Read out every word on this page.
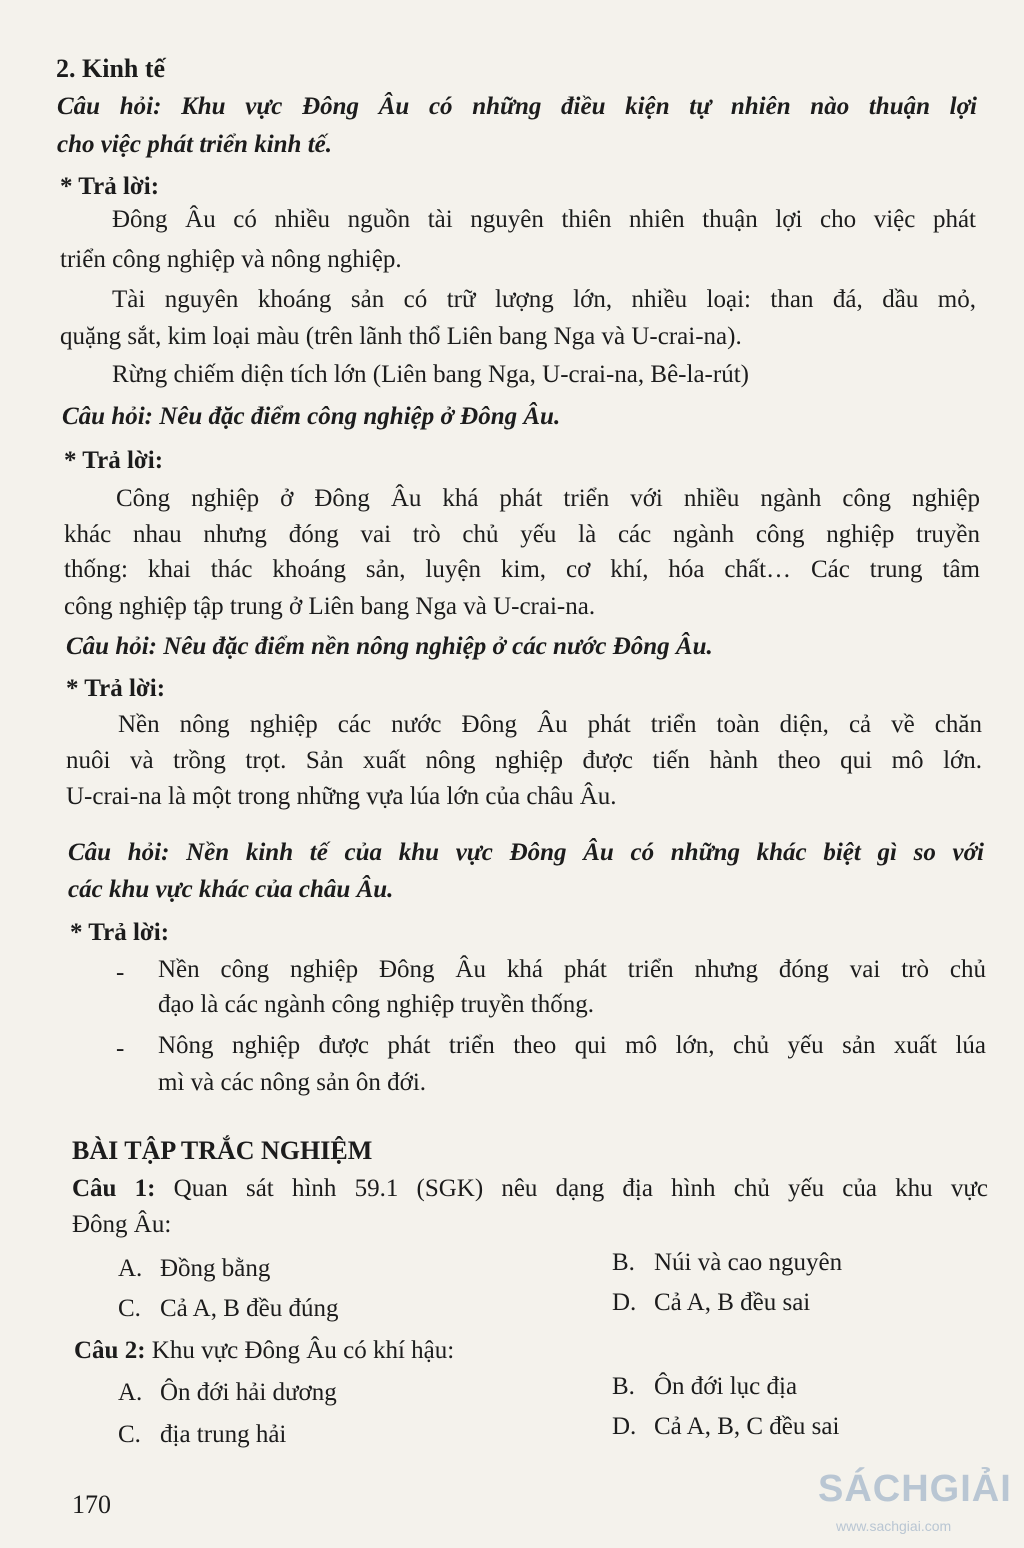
2. Kinh tế
Câu hỏi: Khu vực Đông Âu có những điều kiện tự nhiên nào thuận lợi
cho việc phát triển kinh tế.
* Trả lời:
Đông Âu có nhiều nguồn tài nguyên thiên nhiên thuận lợi cho việc phát
triển công nghiệp và nông nghiệp.
Tài nguyên khoáng sản có trữ lượng lớn, nhiều loại: than đá, dầu mỏ,
quặng sắt, kim loại màu (trên lãnh thổ Liên bang Nga và U-crai-na).
Rừng chiếm diện tích lớn (Liên bang Nga, U-crai-na, Bê-la-rút)
Câu hỏi: Nêu đặc điểm công nghiệp ở Đông Âu.
* Trả lời:
Công nghiệp ở Đông Âu khá phát triển với nhiều ngành công nghiệp
khác nhau nhưng đóng vai trò chủ yếu là các ngành công nghiệp truyền
thống: khai thác khoáng sản, luyện kim, cơ khí, hóa chất… Các trung tâm
công nghiệp tập trung ở Liên bang Nga và U-crai-na.
Câu hỏi: Nêu đặc điểm nền nông nghiệp ở các nước Đông Âu.
* Trả lời:
Nền nông nghiệp các nước Đông Âu phát triển toàn diện, cả về chăn
nuôi và trồng trọt. Sản xuất nông nghiệp được tiến hành theo qui mô lớn.
U-crai-na là một trong những vựa lúa lớn của châu Âu.
Câu hỏi: Nền kinh tế của khu vực Đông Âu có những khác biệt gì so với
các khu vực khác của châu Âu.
* Trả lời:
- Nền công nghiệp Đông Âu khá phát triển nhưng đóng vai trò chủ
đạo là các ngành công nghiệp truyền thống.
- Nông nghiệp được phát triển theo qui mô lớn, chủ yếu sản xuất lúa
mì và các nông sản ôn đới.
BÀI TẬP TRẮC NGHIỆM
Câu 1: Quan sát hình 59.1 (SGK) nêu dạng địa hình chủ yếu của khu vực
Đông Âu:
A. Đồng bằng	B. Núi và cao nguyên
C. Cả A, B đều đúng	D. Cả A, B đều sai
Câu 2: Khu vực Đông Âu có khí hậu:
A. Ôn đới hải dương	B. Ôn đới lục địa
C. địa trung hải	D. Cả A, B, C đều sai
170	SÁCHGIẢI
www.sachgiai.com
